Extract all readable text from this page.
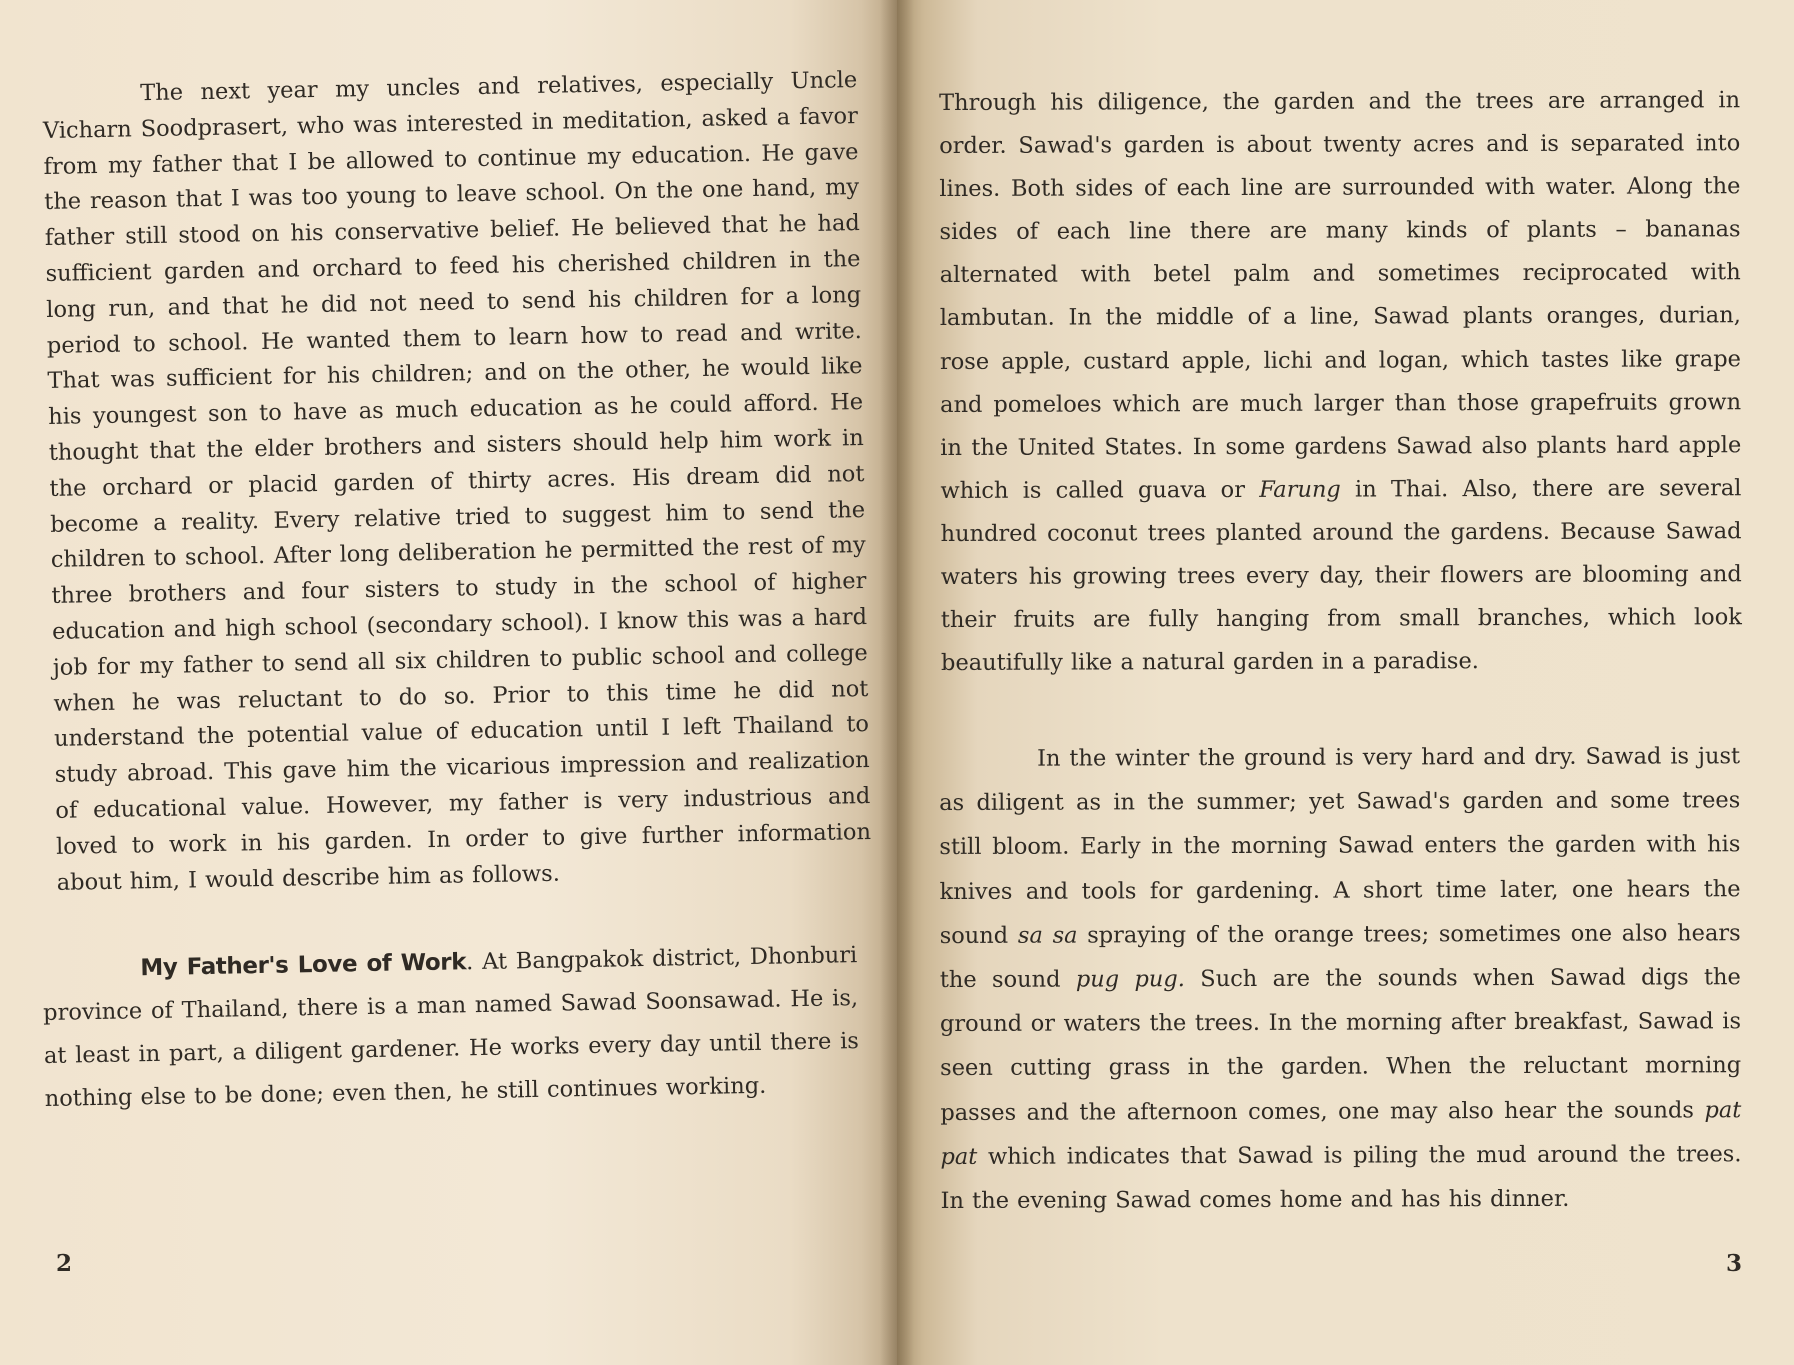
The next year my uncles and relatives, especially Uncle Vicharn Soodprasert, who was interested in meditation, asked a favor from my father that I be allowed to continue my education. He gave the reason that I was too young to leave school. On the one hand, my father still stood on his conservative belief. He believed that he had sufficient garden and orchard to feed his cherished children in the long run, and that he did not need to send his children for a long period to school. He wanted them to learn how to read and write. That was sufficient for his children; and on the other, he would like his youngest son to have as much education as he could afford. He thought that the elder brothers and sisters should help him work in the orchard or placid garden of thirty acres. His dream did not become a reality. Every relative tried to suggest him to send the children to school. After long deliberation he permitted the rest of my three brothers and four sisters to study in the school of higher education and high school (secondary school). I know this was a hard job for my father to send all six children to public school and college when he was reluctant to do so. Prior to this time he did not understand the potential value of education until I left Thailand to study abroad. This gave him the vicarious impression and realization of educational value. However, my father is very industrious and loved to work in his garden. In order to give further information about him, I would describe him as follows.

My Father's Love of Work. At Bangpakok district, Dhonburi province of Thailand, there is a man named Sawad Soonsawad. He is, at least in part, a diligent gardener. He works every day until there is nothing else to be done; even then, he still continues working.

2

Through his diligence, the garden and the trees are arranged in order. Sawad's garden is about twenty acres and is separated into lines. Both sides of each line are surrounded with water. Along the sides of each line there are many kinds of plants – bananas alternated with betel palm and sometimes reciprocated with lambutan. In the middle of a line, Sawad plants oranges, durian, rose apple, custard apple, lichi and logan, which tastes like grape and pomeloes which are much larger than those grapefruits grown in the United States. In some gardens Sawad also plants hard apple which is called guava or Farung in Thai. Also, there are several hundred coconut trees planted around the gardens. Because Sawad waters his growing trees every day, their flowers are blooming and their fruits are fully hanging from small branches, which look beautifully like a natural garden in a paradise.

In the winter the ground is very hard and dry. Sawad is just as diligent as in the summer; yet Sawad's garden and some trees still bloom. Early in the morning Sawad enters the garden with his knives and tools for gardening. A short time later, one hears the sound sa sa spraying of the orange trees; sometimes one also hears the sound pug pug. Such are the sounds when Sawad digs the ground or waters the trees. In the morning after breakfast, Sawad is seen cutting grass in the garden. When the reluctant morning passes and the afternoon comes, one may also hear the sounds pat pat which indicates that Sawad is piling the mud around the trees. In the evening Sawad comes home and has his dinner.

3
